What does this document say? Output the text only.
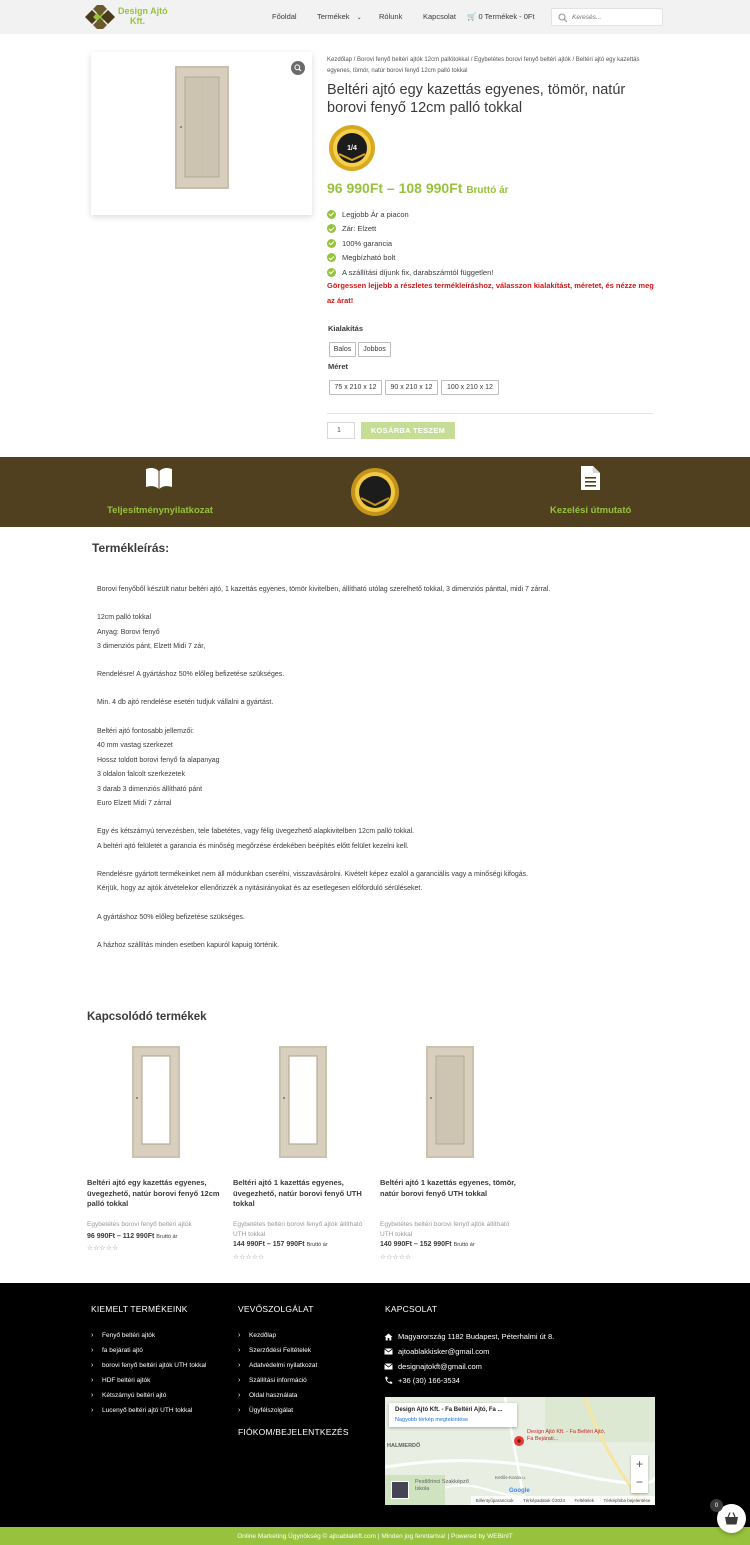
Design Ajtó
Kft.	Főoldal	Termékek ⌄ Rólunk	Kapcsolat 🛒 0 Termékek - 0Ft
Keresés...
Kezdőlap / Borovi fenyő beltéri ajtók 12cm pallótokkal / Egybetétes borovi fenyő beltéri ajtók / Beltéri ajtó egy kazettás egyenes, tömör, natúr borovi fenyő 12cm palló tokkal
Beltéri ajtó egy kazettás egyenes, tömör, natúr borovi fenyő 12cm palló tokkal
1/4
96 990Ft – 108 990Ft Bruttó ár
Legjobb Ár a piacon
Zár: Elzett
100% garancia
Megbízható bolt
A szállítási díjunk fix, darabszámtól független!
Görgessen lejjebb a részletes termékleíráshoz, válasszon kialakítást, méretet, és nézze meg az árat!
Kialakítás
Balos	Jobbos
Méret
75 x 210 x 12	90 x 210 x 12	100 x 210 x 12
1	KOSÁRBA TESZEM
Teljesítménynyilatkozat	Kezelési útmutató
Termékleírás:
Borovi fenyőből készült natur beltéri ajtó, 1 kazettás egyenes, tömör kivitelben, állítható utólag szerelhető tokkal, 3 dimenziós pánttal, midi 7 zárral.
12cm palló tokkal
Anyag: Borovi fenyő
3 dimenziós pánt, Elzett Midi 7 zár,
Rendelésre! A gyártáshoz 50% előleg befizetése szükséges.
Min. 4 db ajtó rendelése esetén tudjuk vállalni a gyártást.
Beltéri ajtó fontosabb jellemzői:
40 mm vastag szerkezet
Hossz toldott borovi fenyő fa alapanyag
3 oldalon falcolt szerkezetek
3 darab 3 dimenziós állítható pánt
Euro Elzett Midi 7 zárral
Egy és kétszárnyú tervezésben, tele fabetétes, vagy félig üvegezhető alapkivitelben 12cm palló tokkal.
A beltéri ajtó felületét a garancia és minőség megőrzése érdekében beépítés előtt felület kezelni kell.
Rendelésre gyártott termékeinket nem áll módunkban cserélni, visszavásárolni. Kivételt képez ezalól a garanciális vagy a minőségi kifogás.
Kérjük, hogy az ajtók átvételekor ellenőrizzék a nyitásirányokat és az esetlegesen előforduló sérüléseket.
A gyártáshoz 50% előleg befizetése szükséges.
A házhoz szállítás minden esetben kapuról kapuig történik.
Kapcsolódó termékek
Beltéri ajtó egy kazettás egyenes, üvegezhető, natúr borovi fenyő 12cm palló tokkal
Egybetétes borovi fenyő beltéri ajtók
96 990Ft – 112 990Ft Bruttó ár
☆☆☆☆☆
Beltéri ajtó 1 kazettás egyenes, üvegezhető, natúr borovi fenyő UTH tokkal
Egybetétes beltéri borovi fenyő ajtók állítható UTH tokkal
144 990Ft – 157 990Ft Bruttó ár
☆☆☆☆☆
Beltéri ajtó 1 kazettás egyenes, tömör, natúr borovi fenyő UTH tokkal
Egybetétes beltéri borovi fenyő ajtók állítható UTH tokkal
140 990Ft – 152 990Ft Bruttó ár
☆☆☆☆☆
KIEMELT TERMÉKEINK
› Fenyő beltéri ajtók
› fa bejárati ajtó
› borovi fenyő beltéri ajtók UTH tokkal
› HDF beltéri ajtók
› Kétszárnyú beltéri ajtó
› Lucenyő beltéri ajtó UTH tokkal
VEVŐSZOLGÁLAT
› Kezdőlap
› Szerződési Feltételek
› Adatvédelmi nyilatkozat
› Szállítási információ
› Oldal használata
› Ügyfélszolgálat
FIÓKOM/BEJELENTKEZÉS
KAPCSOLAT
Magyarország 1182 Budapest, Péterhalmi út 8.
ajtoablakkisker@gmail.com
designajtokft@gmail.com
+36 (30) 166-3534
Design Ajtó Kft. - Fa Beltéri Ajtó, Fa ...
Nagyobb térkép megtekintése
Design Ajtó Kft. - Fa Beltéri Ajtó, Fa Bejárati...
HALMIERDŐ
Pestlőrinci Szakképző Iskola
Ketlős-Korda u.
Google
+
−
Billentyűparancsok Térképadatok ©2024 Feltételek Térképhiba bejelentése
Online Marketing Ügynökség © ajtoablakkft.com | Minden jog fenntartva! | Powered by WEBinIT
0
